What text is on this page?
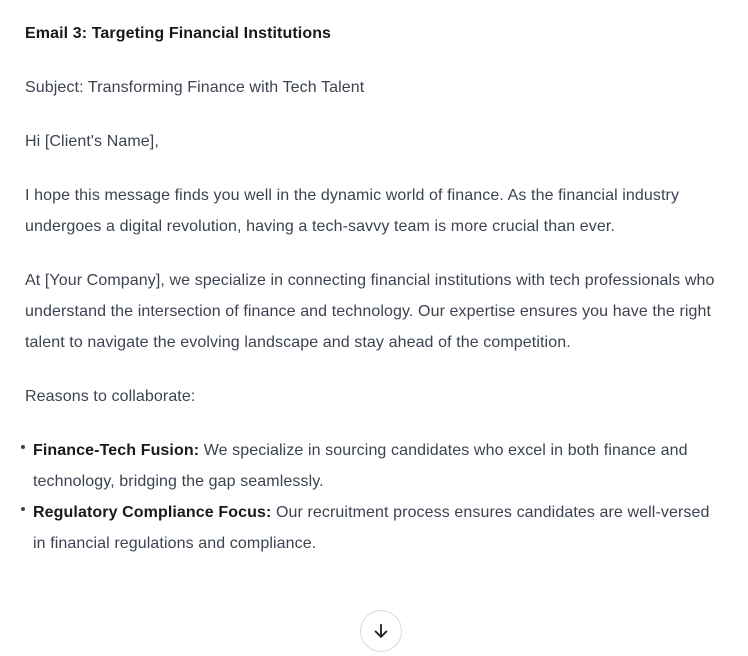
Email 3: Targeting Financial Institutions

Subject: Transforming Finance with Tech Talent

Hi [Client's Name],

I hope this message finds you well in the dynamic world of finance. As the financial industry undergoes a digital revolution, having a tech-savvy team is more crucial than ever.

At [Your Company], we specialize in connecting financial institutions with tech professionals who understand the intersection of finance and technology. Our expertise ensures you have the right talent to navigate the evolving landscape and stay ahead of the competition.

Reasons to collaborate:

Finance-Tech Fusion: We specialize in sourcing candidates who excel in both finance and technology, bridging the gap seamlessly.
Regulatory Compliance Focus: Our recruitment process ensures candidates are well-versed in financial regulations and compliance.
